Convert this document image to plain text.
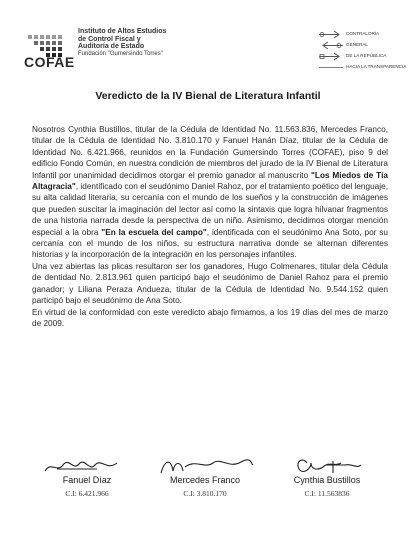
COFAE
Instituto de Altos Estudios
de Control Fiscal y
Auditoría de Estado
Fundación "Gumersindo Torres"
CONTRALORÍA
GENERAL
DE LA REPÚBLICA
HACIA LA TRANSPARENCIA
Veredicto de la IV Bienal de Literatura Infantil

Nosotros Cynthia Bustillos, titular de la Cédula de Identidad No. 11.563.836, Mercedes Franco, titular de la Cédula de Identidad No. 3.810.170 y Fanuel Hanán Díaz, titular de la Cédula de Identidad No. 6.421.966, reunidos en la Fundación Gumersindo Torres (COFAE), piso 9 del edificio Fondo Común, en nuestra condición de miembros del jurado de la IV Bienal de Literatura Infantil por unanimidad decidimos otorgar el premio ganador al manuscrito "Los Miedos de Tía Altagracia", identificado con el seudónimo Daniel Rahoz, por el tratamiento poético del lenguaje, su alta calidad literaria, su cercanía con el mundo de los sueños y la construcción de imágenes que pueden suscitar la imaginación del lector así como la sintaxis que logra hilvanar fragmentos de una historia narrada desde la perspectiva de un niño. Asimismo, decidimos otorgar mención especial a la obra "En la escuela del campo", identificada con el seudónimo Ana Soto, por su cercanía con el mundo de los niños, su estructura narrativa donde se alternan diferentes historias y la incorporación de la integración en los personajes infantiles.

Una vez abiertas las plicas resultaron ser los ganadores, Hugo Colmenares, titular dela Cédula de dentidad No. 2.813.961 quien participó bajo el seudónimo de Daniel Rahoz para el premio ganador; y Liliana Peraza Andueza, titular de la Cédula de Identidad No. 9.544.152 quien participó bajo el seudónimo de Ana Soto.

En virtud de la conformidad con este veredicto abajo firmamos, a los 19 días del mes de marzo de 2009.

Fanuel Díaz
C.I: 6.421.966
Mercedes Franco
C.I: 3.810.170
Cynthia Bustillos
C.I: 11.563836
